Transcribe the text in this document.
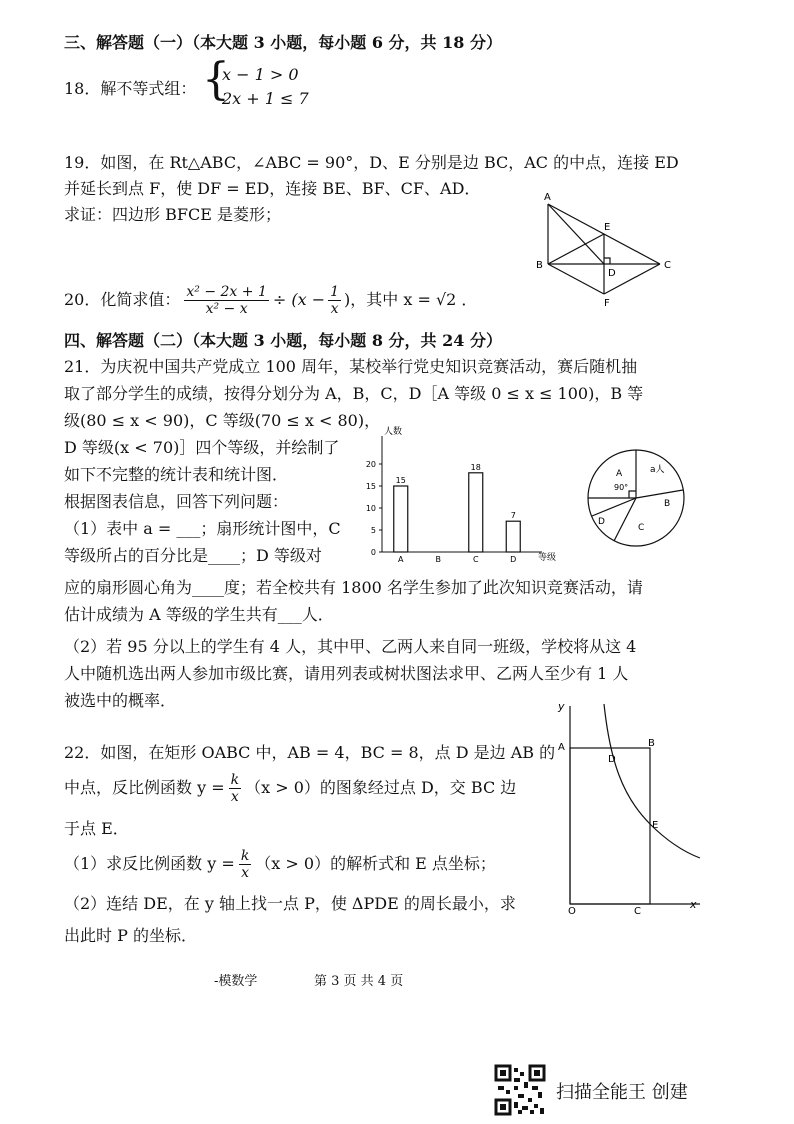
三、解答题（一）（本大题 3 小题，每小题 6 分，共 18 分）
18．解不等式组： {
x − 1 > 0
2x + 1 ≤ 7
19．如图，在 Rt△ABC，∠ABC = 90°，D、E 分别是边 BC，AC 的中点，连接 ED
并延长到点 F，使 DF = ED，连接 BE、BF、CF、AD．
求证：四边形 BFCE 是菱形；
A
B	C
D
E
F
20．化简求值： $\frac{\text{x² − 2x + 1}}{\text{x² − x}} \div (x - \frac{1}{x}$ )，其中 x = √2 ．
四、解答题（二）（本大题 3 小题，每小题 8 分，共 24 分）
21．为庆祝中国共产党成立 100 周年，某校举行党史知识竞赛活动，赛后随机抽
取了部分学生的成绩，按得分划分为 A，B，C，D［A 等级 0 ≤ x ≤ 100)，B 等
级(80 ≤ x < 90)，C 等级(70 ≤ x < 80)，
D 等级(x < 70)］四个等级，并绘制了
如下不完整的统计表和统计图．
根据图表信息，回答下列问题：
（1）表中 a = ___；扇形统计图中，C
等级所占的百分比是____；D 等级对
应的扇形圆心角为____度；若全校共有 1800 名学生参加了此次知识竞赛活动，请
估计成绩为 A 等级的学生共有___人．
（2）若 95 分以上的学生有 4 人，其中甲、乙两人来自同一班级，学校将从这 4
人中随机选出两人参加市级比赛，请用列表或树状图法求甲、乙两人至少有 1 人
被选中的概率．
0
5
10
15
20
A
15
B	C
18
D
7
人数
等级
A
90°
a人
B
C
D
22．如图，在矩形 OABC 中，AB = 4，BC = 8，点 D 是边 AB 的
中点，反比例函数 $y = \frac{k}{x} (x > 0)$的图象经过点 D，交 BC 边
于点 E．
（1）求反比例函数 $y = \frac{k}{x} (x > 0)$的解析式和 E 点坐标；
（2）连结 DE，在 y 轴上找一点 P，使 ΔPDE 的周长最小，求
出此时 P 的坐标．
y
x
O
A	B
C
D
E
-模数学	第 3 页 共 4 页
扫描全能王 创建
